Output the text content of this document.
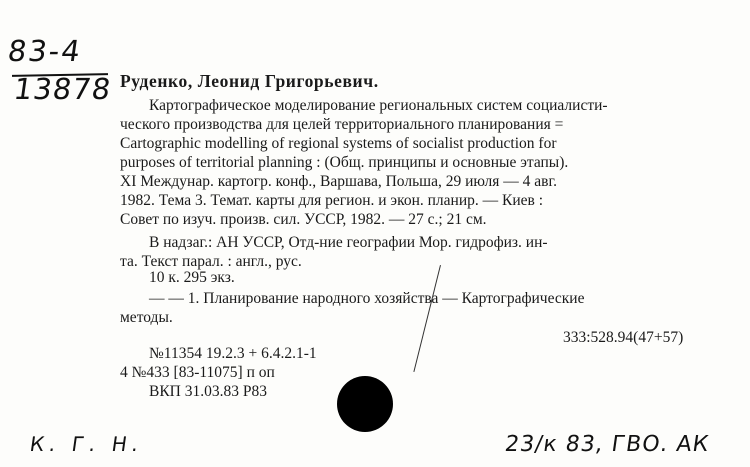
83-4
13878 Руденко, Леонид Григорьевич.
Картографическое моделирование региональных систем социалисти-
ческого производства для целей территориального планирования =
Cartographic modelling of regional systems of socialist production for
purposes of territorial planning : (Общ. принципы и основные этапы).
XI Междунар. картогр. конф., Варшава, Польша, 29 июля — 4 авг.
1982. Тема 3. Темат. карты для регион. и экон. планир. — Киев :
Совет по изуч. произв. сил. УССР, 1982. — 27 с.; 21 см.
В надзаг.: АН УССР, Отд-ние географии Мор. гидрофиз. ин-
та. Текст парал. : англ., рус.
10 к. 295 экз.
— — 1. Планирование народного хозяйства — Картографические
методы.
333:528.94(47+57)
№11354 19.2.3 + 6.4.2.1-1
4 №433 [83-11075] п оп
ВКП 31.03.83 Р83
К. Г. Н.	23/к 83, ГВО. АК
